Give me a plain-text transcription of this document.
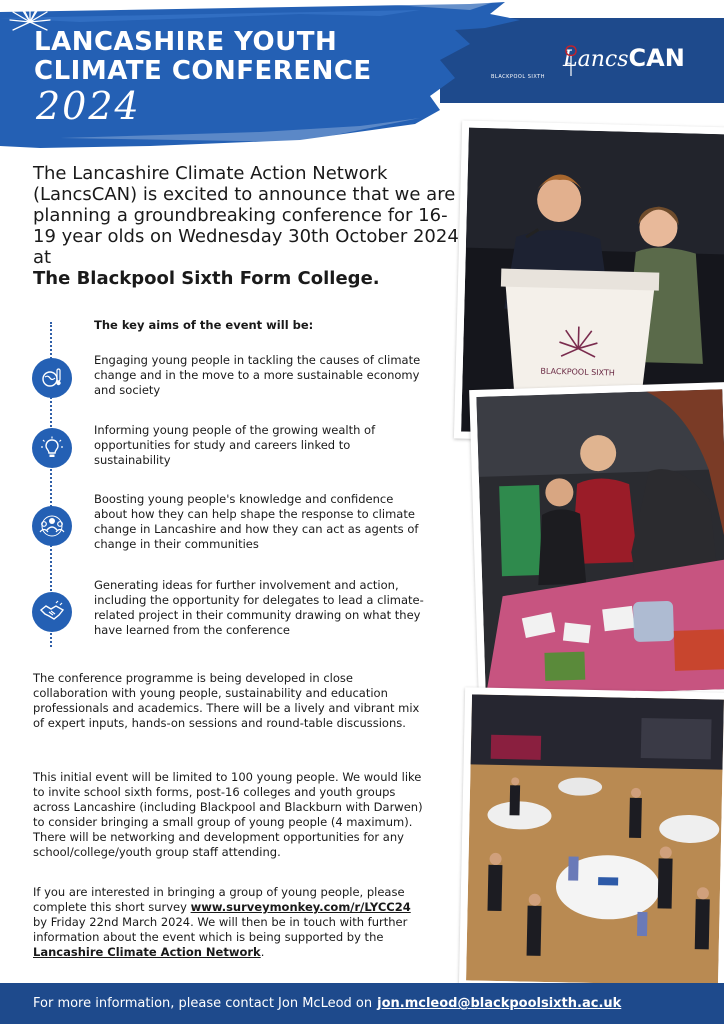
LANCASHIRE YOUTH
CLIMATE CONFERENCE
2024
BLACKPOOL SIXTH
Lancs
CAN
The Lancashire Climate Action Network (LancsCAN) is excited to announce that we are planning a groundbreaking conference for 16-19 year olds on Wednesday 30th October 2024 at
The Blackpool Sixth Form College.
The key aims of the event will be:
Engaging young people in tackling the causes of climate change and in the move to a more sustainable economy and society
Informing young people of the growing wealth of opportunities for study and careers linked to sustainability
Boosting young people's knowledge and confidence about how they can help shape the response to climate change in Lancashire and how they can act as agents of change in their communities
Generating ideas for further involvement and action, including the opportunity for delegates to lead a climate-related project in their community drawing on what they have learned from the conference
The conference programme is being developed in close collaboration with young people, sustainability and education professionals and academics. There will be a lively and vibrant mix of expert inputs, hands-on sessions and round-table discussions.
This initial event will be limited to 100 young people. We would like to invite school sixth forms, post-16 colleges and youth groups across Lancashire (including Blackpool and Blackburn with Darwen) to consider bringing a small group of young people (4 maximum). There will be networking and development opportunities for any school/college/youth group staff attending.
If you are interested in bringing a group of young people, please complete this short survey www.surveymonkey.com/r/LYCC24 by Friday 22nd March 2024. We will then be in touch with further information about the event which is being supported by the Lancashire Climate Action Network.
BLACKPOOL SIXTH
For more information, please contact Jon McLeod on jon.mcleod@blackpoolsixth.ac.uk
